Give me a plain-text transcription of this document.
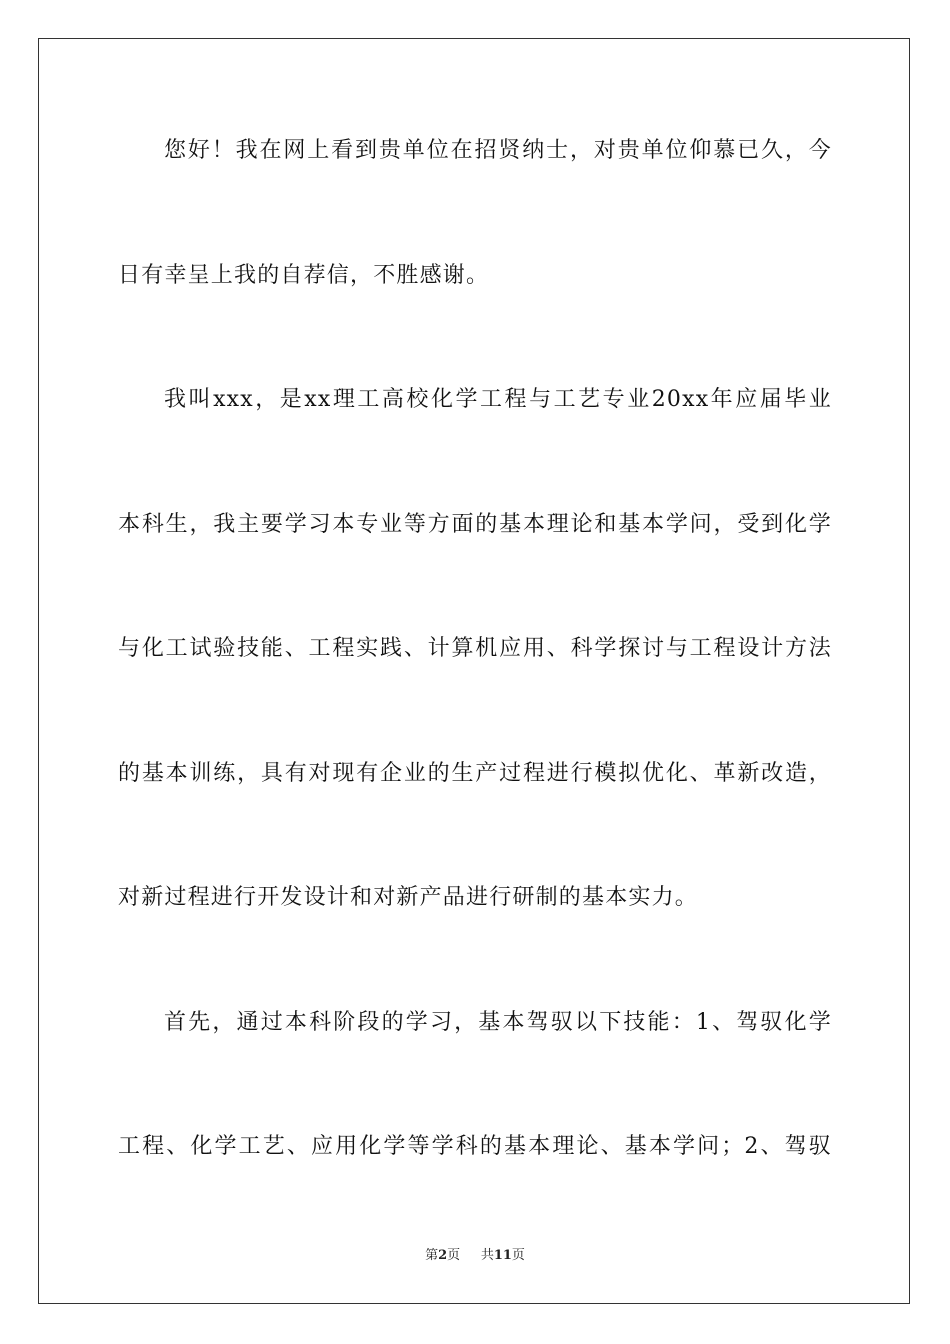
您好！我在网上看到贵单位在招贤纳士，对贵单位仰慕已久，今
日有幸呈上我的自荐信，不胜感谢。
我叫xxx，是xx理工高校化学工程与工艺专业20xx年应届毕业
本科生，我主要学习本专业等方面的基本理论和基本学问，受到化学
与化工试验技能、工程实践、计算机应用、科学探讨与工程设计方法
的基本训练，具有对现有企业的生产过程进行模拟优化、革新改造，
对新过程进行开发设计和对新产品进行研制的基本实力。
首先，通过本科阶段的学习，基本驾驭以下技能：1、驾驭化学
工程、化学工艺、应用化学等学科的基本理论、基本学问；2、驾驭
第2页 共11页
